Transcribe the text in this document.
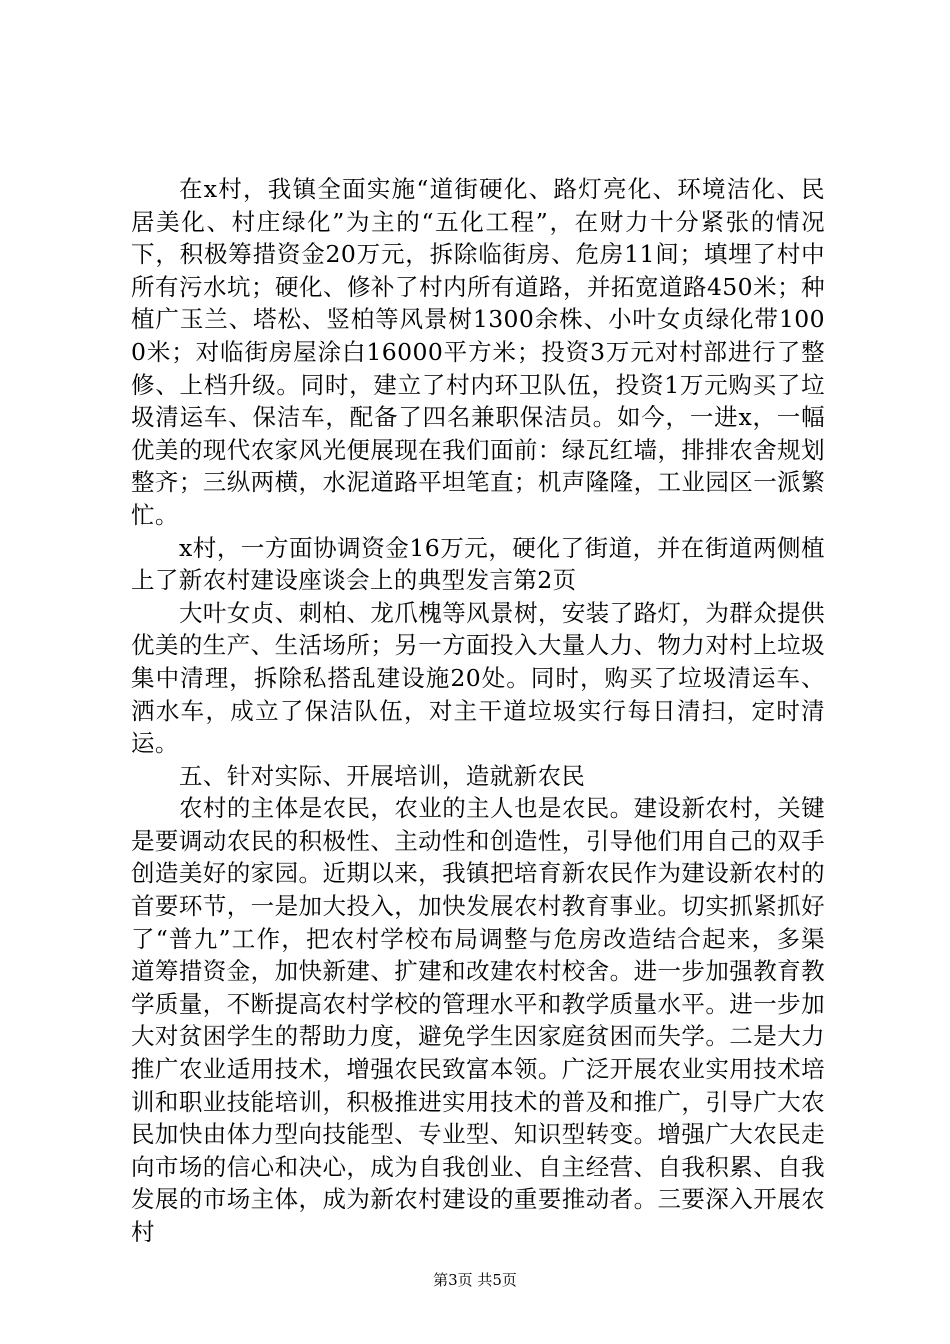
在x村，我镇全面实施“道街硬化、路灯亮化、环境洁化、民居美化、村庄绿化”为主的“五化工程”，在财力十分紧张的情况下，积极筹措资金20万元，拆除临街房、危房11间；填埋了村中所有污水坑；硬化、修补了村内所有道路，并拓宽道路450米；种植广玉兰、塔松、竖柏等风景树1300余株、小叶女贞绿化带1000米；对临街房屋涂白16000平方米；投资3万元对村部进行了整修、上档升级。同时，建立了村内环卫队伍，投资1万元购买了垃圾清运车、保洁车，配备了四名兼职保洁员。如今，一进x，一幅优美的现代农家风光便展现在我们面前：绿瓦红墙，排排农舍规划整齐；三纵两横，水泥道路平坦笔直；机声隆隆，工业园区一派繁忙。

x村，一方面协调资金16万元，硬化了街道，并在街道两侧植上了新农村建设座谈会上的典型发言第2页

大叶女贞、刺柏、龙爪槐等风景树，安装了路灯，为群众提供优美的生产、生活场所；另一方面投入大量人力、物力对村上垃圾集中清理，拆除私搭乱建设施20处。同时，购买了垃圾清运车、洒水车，成立了保洁队伍，对主干道垃圾实行每日清扫，定时清运。

五、针对实际、开展培训，造就新农民

农村的主体是农民，农业的主人也是农民。建设新农村，关键是要调动农民的积极性、主动性和创造性，引导他们用自己的双手创造美好的家园。近期以来，我镇把培育新农民作为建设新农村的首要环节，一是加大投入，加快发展农村教育事业。切实抓紧抓好了“普九”工作，把农村学校布局调整与危房改造结合起来，多渠道筹措资金，加快新建、扩建和改建农村校舍。进一步加强教育教学质量，不断提高农村学校的管理水平和教学质量水平。进一步加大对贫困学生的帮助力度，避免学生因家庭贫困而失学。二是大力推广农业适用技术，增强农民致富本领。广泛开展农业实用技术培训和职业技能培训，积极推进实用技术的普及和推广，引导广大农民加快由体力型向技能型、专业型、知识型转变。增强广大农民走向市场的信心和决心，成为自我创业、自主经营、自我积累、自我发展的市场主体，成为新农村建设的重要推动者。三要深入开展农村

第3页 共5页
